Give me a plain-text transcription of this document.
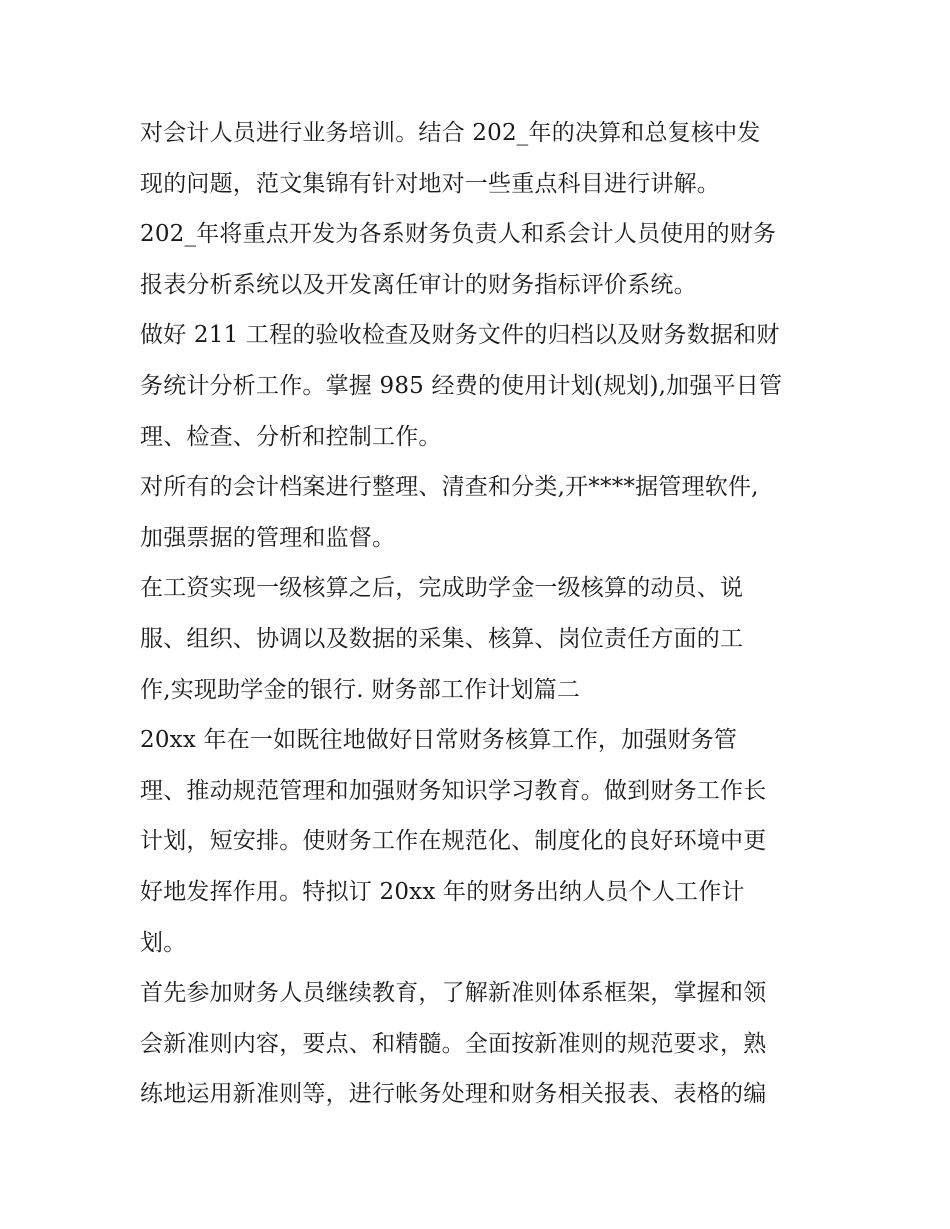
对会计人员进行业务培训。结合 202_年的决算和总复核中发
现的问题，范文集锦有针对地对一些重点科目进行讲解。
202_年将重点开发为各系财务负责人和系会计人员使用的财务
报表分析系统以及开发离任审计的财务指标评价系统。
做好 211 工程的验收检查及财务文件的归档以及财务数据和财
务统计分析工作。掌握 985 经费的使用计划(规划),加强平日管
理、检查、分析和控制工作。
对所有的会计档案进行整理、清查和分类,开****据管理软件,
加强票据的管理和监督。
在工资实现一级核算之后，完成助学金一级核算的动员、说
服、组织、协调以及数据的采集、核算、岗位责任方面的工
作,实现助学金的银行. 财务部工作计划篇二
20xx 年在一如既往地做好日常财务核算工作，加强财务管
理、推动规范管理和加强财务知识学习教育。做到财务工作长
计划，短安排。使财务工作在规范化、制度化的良好环境中更
好地发挥作用。特拟订 20xx 年的财务出纳人员个人工作计
划。
首先参加财务人员继续教育，了解新准则体系框架，掌握和领
会新准则内容，要点、和精髓。全面按新准则的规范要求，熟
练地运用新准则等，进行帐务处理和财务相关报表、表格的编
